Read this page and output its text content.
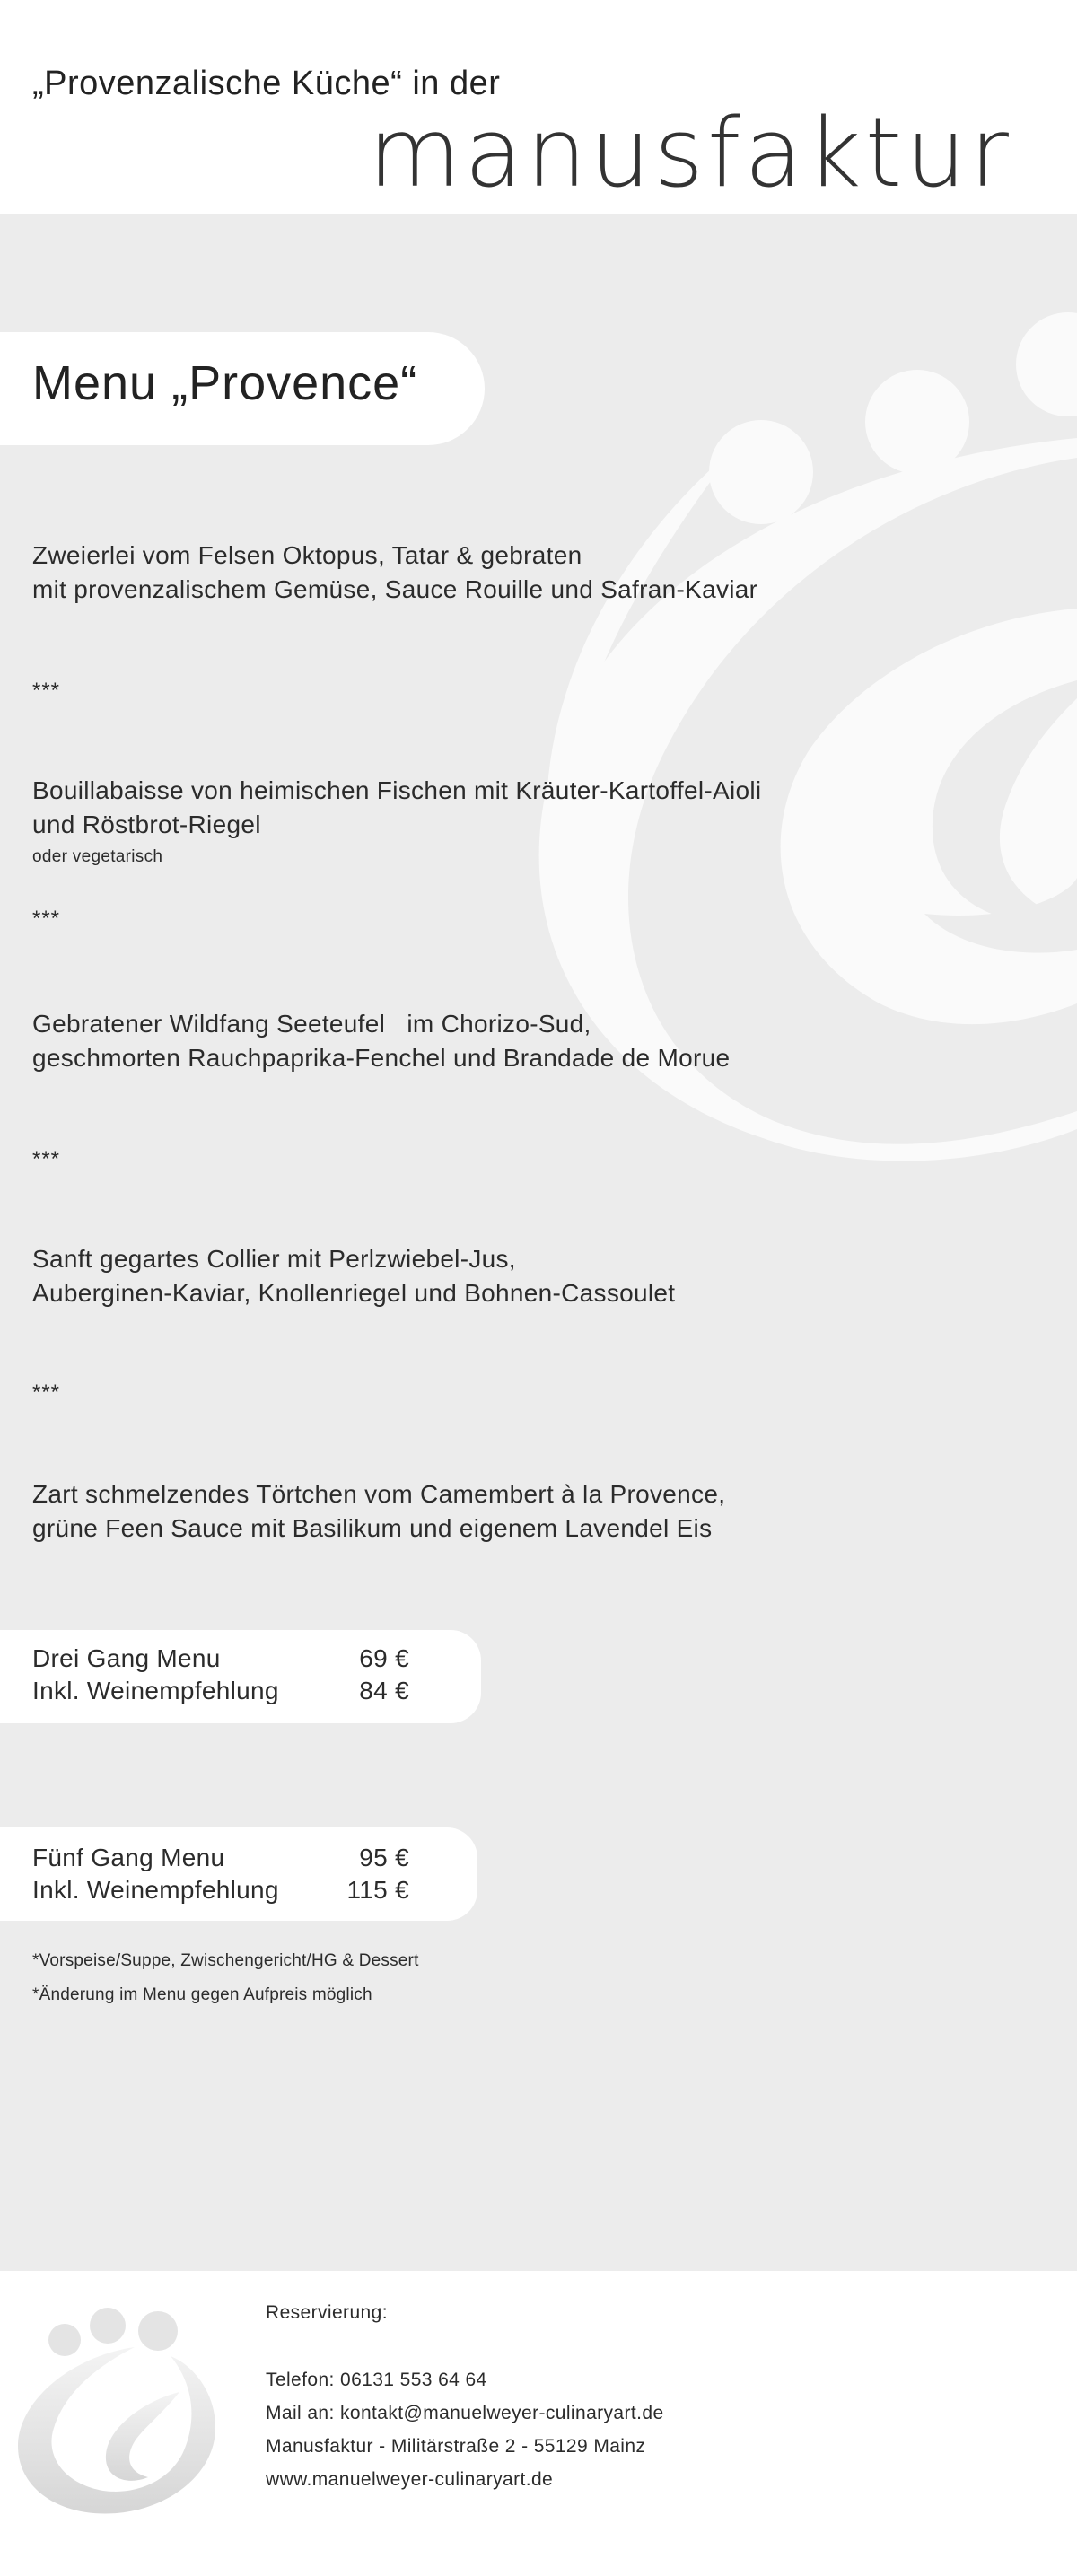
„Provenzalische Küche“ in der
manusfaktur
Menu „Provence“

Zweierlei vom Felsen Oktopus, Tatar & gebraten

mit provenzalischem Gemüse, Sauce Rouille und Safran-Kaviar

***

Bouillabaisse von heimischen Fischen mit Kräuter-Kartoffel-Aioli

und Röstbrot-Riegel

oder vegetarisch

***

Gebratener Wildfang Seeteufel   im Chorizo-Sud,

geschmorten Rauchpaprika-Fenchel und Brandade de Morue

***

Sanft gegartes Collier mit Perlzwiebel-Jus,

Auberginen-Kaviar, Knollenriegel und Bohnen-Cassoulet

***

Zart schmelzendes Törtchen vom Camembert à la Provence,

grüne Feen Sauce mit Basilikum und eigenem Lavendel Eis

Drei Gang Menu	69 €
Inkl. Weinempfehlung	84 €
Fünf Gang Menu	95 €
Inkl. Weinempfehlung	115 €
*Vorspeise/Suppe, Zwischengericht/HG & Dessert
*Änderung im Menu gegen Aufpreis möglich
Reservierung:
Telefon: 06131 553 64 64
Mail an: kontakt@manuelweyer-culinaryart.de
Manusfaktur - Militärstraße 2 - 55129 Mainz
www.manuelweyer-culinaryart.de
